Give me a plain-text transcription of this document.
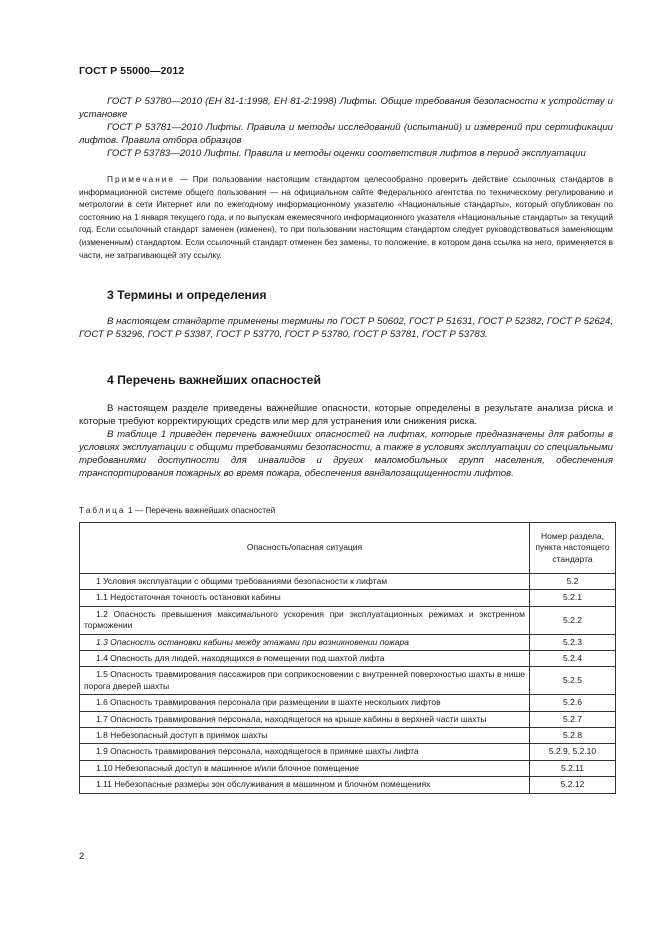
ГОСТ Р 55000—2012

ГОСТ Р 53780—2010 (ЕН 81-1:1998, ЕН 81-2:1998) Лифты. Общие требования безопасности к устройству и установке

ГОСТ Р 53781—2010 Лифты. Правила и методы исследований (испытаний) и измерений при сертификации лифтов. Правила отбора образцов

ГОСТ Р 53783—2010 Лифты. Правила и методы оценки соответствия лифтов в период эксплуатации

Примечание — При пользовании настоящим стандартом целесообразно проверить действие ссылочных стандартов в информационной системе общего пользования — на официальном сайте Федерального агентства по техническому регулированию и метрологии в сети Интернет или по ежегодному информационному указателю «Национальные стандарты», который опубликован по состоянию на 1 января текущего года, и по выпускам ежемесячного информационного указателя «Национальные стандарты» за текущий год. Если ссылочный стандарт заменен (изменен), то при пользовании настоящим стандартом следует руководствоваться заменяющим (измененным) стандартом. Если ссылочный стандарт отменен без замены, то положение, в котором дана ссылка на него, применяется в части, не затрагивающей эту ссылку.

3 Термины и определения

В настоящем стандарте применены термины по ГОСТ Р 50602, ГОСТ Р 51631, ГОСТ Р 52382, ГОСТ Р 52624, ГОСТ Р 53296, ГОСТ Р 53387, ГОСТ Р 53770, ГОСТ Р 53780, ГОСТ Р 53781, ГОСТ Р 53783.

4 Перечень важнейших опасностей

В настоящем разделе приведены важнейшие опасности, которые определены в результате анализа риска и которые требуют корректирующих средств или мер для устранения или снижения риска.

В таблице 1 приведен перечень важнейших опасностей на лифтах, которые предназначены для работы в условиях эксплуатации с общими требованиями безопасности, а также в условиях эксплуатации со специальными требованиями доступности для инвалидов и других маломобильных групп населения, обеспечения транспортирования пожарных во время пожара, обеспечения вандалозащищенности лифтов.

Таблица 1 — Перечень важнейших опасностей
Опасность/опасная ситуация	Номер раздела, пункта настоящего стандарта
1 Условия эксплуатации с общими требованиями безопасности к лифтам	5.2
1.1 Недостаточная точность остановки кабины	5.2.1
1.2 Опасность превышения максимального ускорения при эксплуатационных режимах и экстренном торможении	5.2.2
1.3 Опасность остановки кабины между этажами при возникновении пожара	5.2.3
1.4 Опасность для людей, находящихся в помещении под шахтой лифта	5.2.4
1.5 Опасность травмирования пассажиров при соприкосновении с внутренней поверхностью шахты в нише порога дверей шахты	5.2.5
1.6 Опасность травмирования персонала при размещении в шахте нескольких лифтов	5.2.6
1.7 Опасность травмирования персонала, находящегося на крыше кабины в верхней части шахты	5.2.7
1.8 Небезопасный доступ в приямок шахты	5.2.8
1.9 Опасность травмирования персонала, находящегося в приямке шахты лифта	5.2.9, 5.2.10
1.10 Небезопасный доступ в машинное и/или блочное помещение	5.2.11
1.11 Небезопасные размеры зон обслуживания в машинном и блочном помещениях	5.2.12
2
